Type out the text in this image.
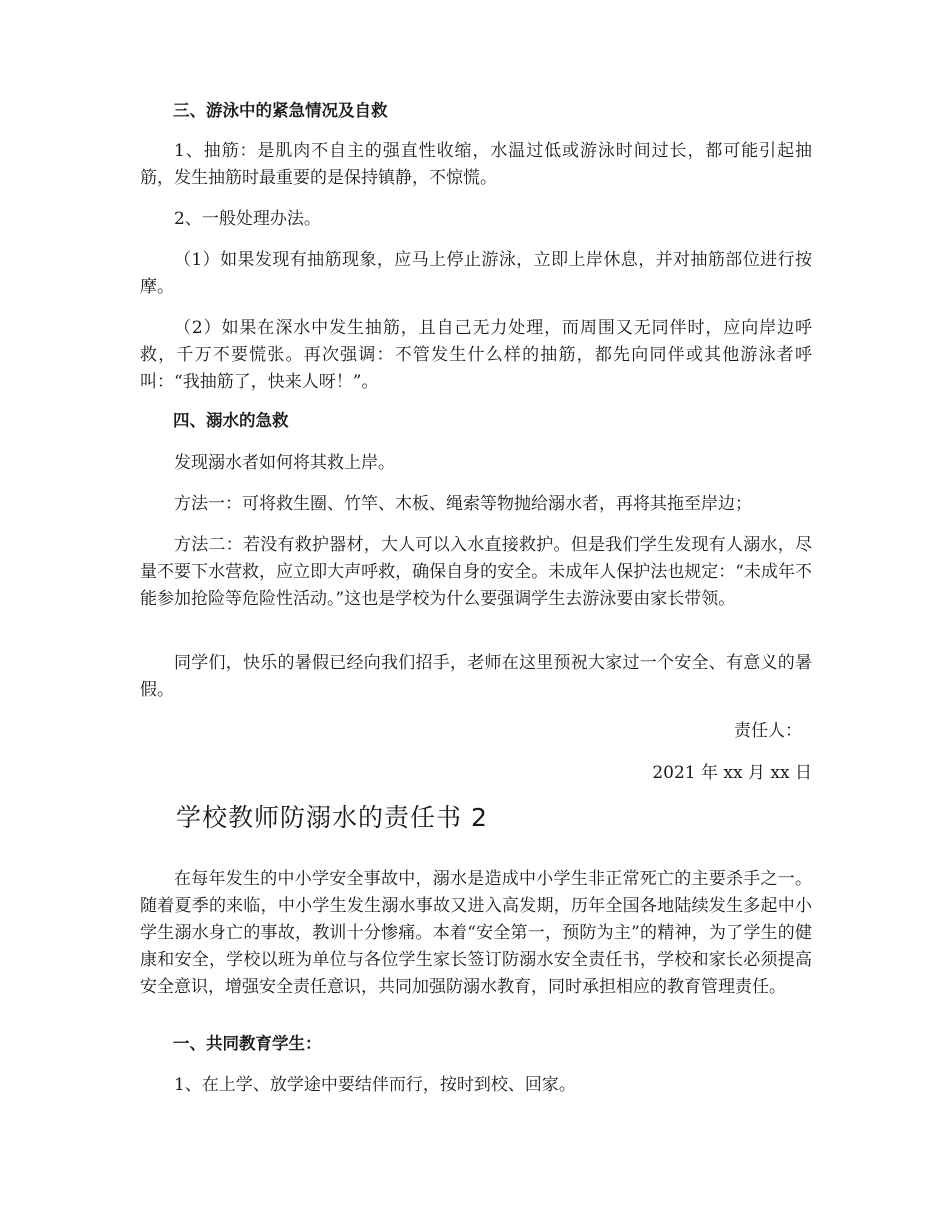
三、游泳中的紧急情况及自救

1、抽筋：是肌肉不自主的强直性收缩，水温过低或游泳时间过长，都可能引起抽筋，发生抽筋时最重要的是保持镇静，不惊慌。

2、一般处理办法。

（1）如果发现有抽筋现象，应马上停止游泳，立即上岸休息，并对抽筋部位进行按摩。

（2）如果在深水中发生抽筋，且自己无力处理，而周围又无同伴时，应向岸边呼救，千万不要慌张。再次强调：不管发生什么样的抽筋，都先向同伴或其他游泳者呼叫：“我抽筋了，快来人呀！”。

四、溺水的急救

发现溺水者如何将其救上岸。

方法一：可将救生圈、竹竿、木板、绳索等物抛给溺水者，再将其拖至岸边；

方法二：若没有救护器材，大人可以入水直接救护。但是我们学生发现有人溺水，尽量不要下水营救，应立即大声呼救，确保自身的安全。未成年人保护法也规定：“未成年不能参加抢险等危险性活动。”这也是学校为什么要强调学生去游泳要由家长带领。

同学们，快乐的暑假已经向我们招手，老师在这里预祝大家过一个安全、有意义的暑假。

责任人：

2021 年 xx 月 xx 日

学校教师防溺水的责任书 2

在每年发生的中小学安全事故中，溺水是造成中小学生非正常死亡的主要杀手之一。随着夏季的来临，中小学生发生溺水事故又进入高发期，历年全国各地陆续发生多起中小学生溺水身亡的事故，教训十分惨痛。本着“安全第一，预防为主”的精神，为了学生的健康和安全，学校以班为单位与各位学生家长签订防溺水安全责任书，学校和家长必须提高安全意识，增强安全责任意识，共同加强防溺水教育，同时承担相应的教育管理责任。

一、共同教育学生：

1、在上学、放学途中要结伴而行，按时到校、回家。
